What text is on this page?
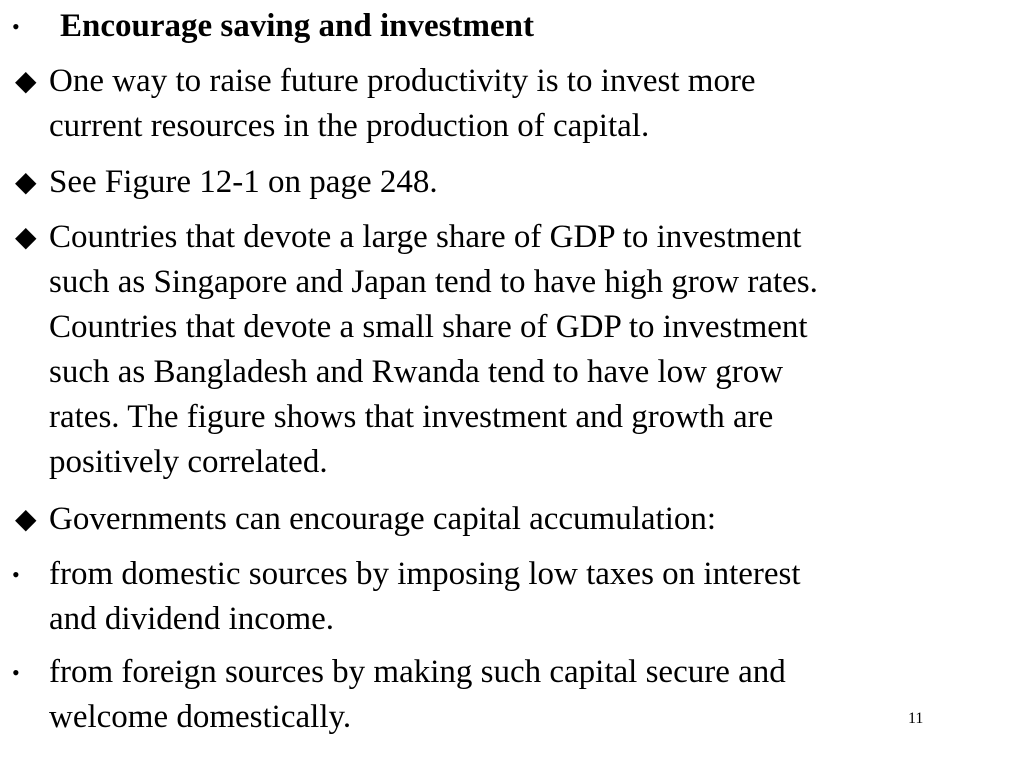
• Encourage saving and investment
◆ One way to raise future productivity is to invest more
current resources in the production of capital.
◆ See Figure 12-1 on page 248.
◆ Countries that devote a large share of GDP to investment
such as Singapore and Japan tend to have high grow rates.
Countries that devote a small share of GDP to investment
such as Bangladesh and Rwanda tend to have low grow
rates. The figure shows that investment and growth are
positively correlated.
◆ Governments can encourage capital accumulation:
• from domestic sources by imposing low taxes on interest
and dividend income.
• from foreign sources by making such capital secure and
welcome domestically.	11
